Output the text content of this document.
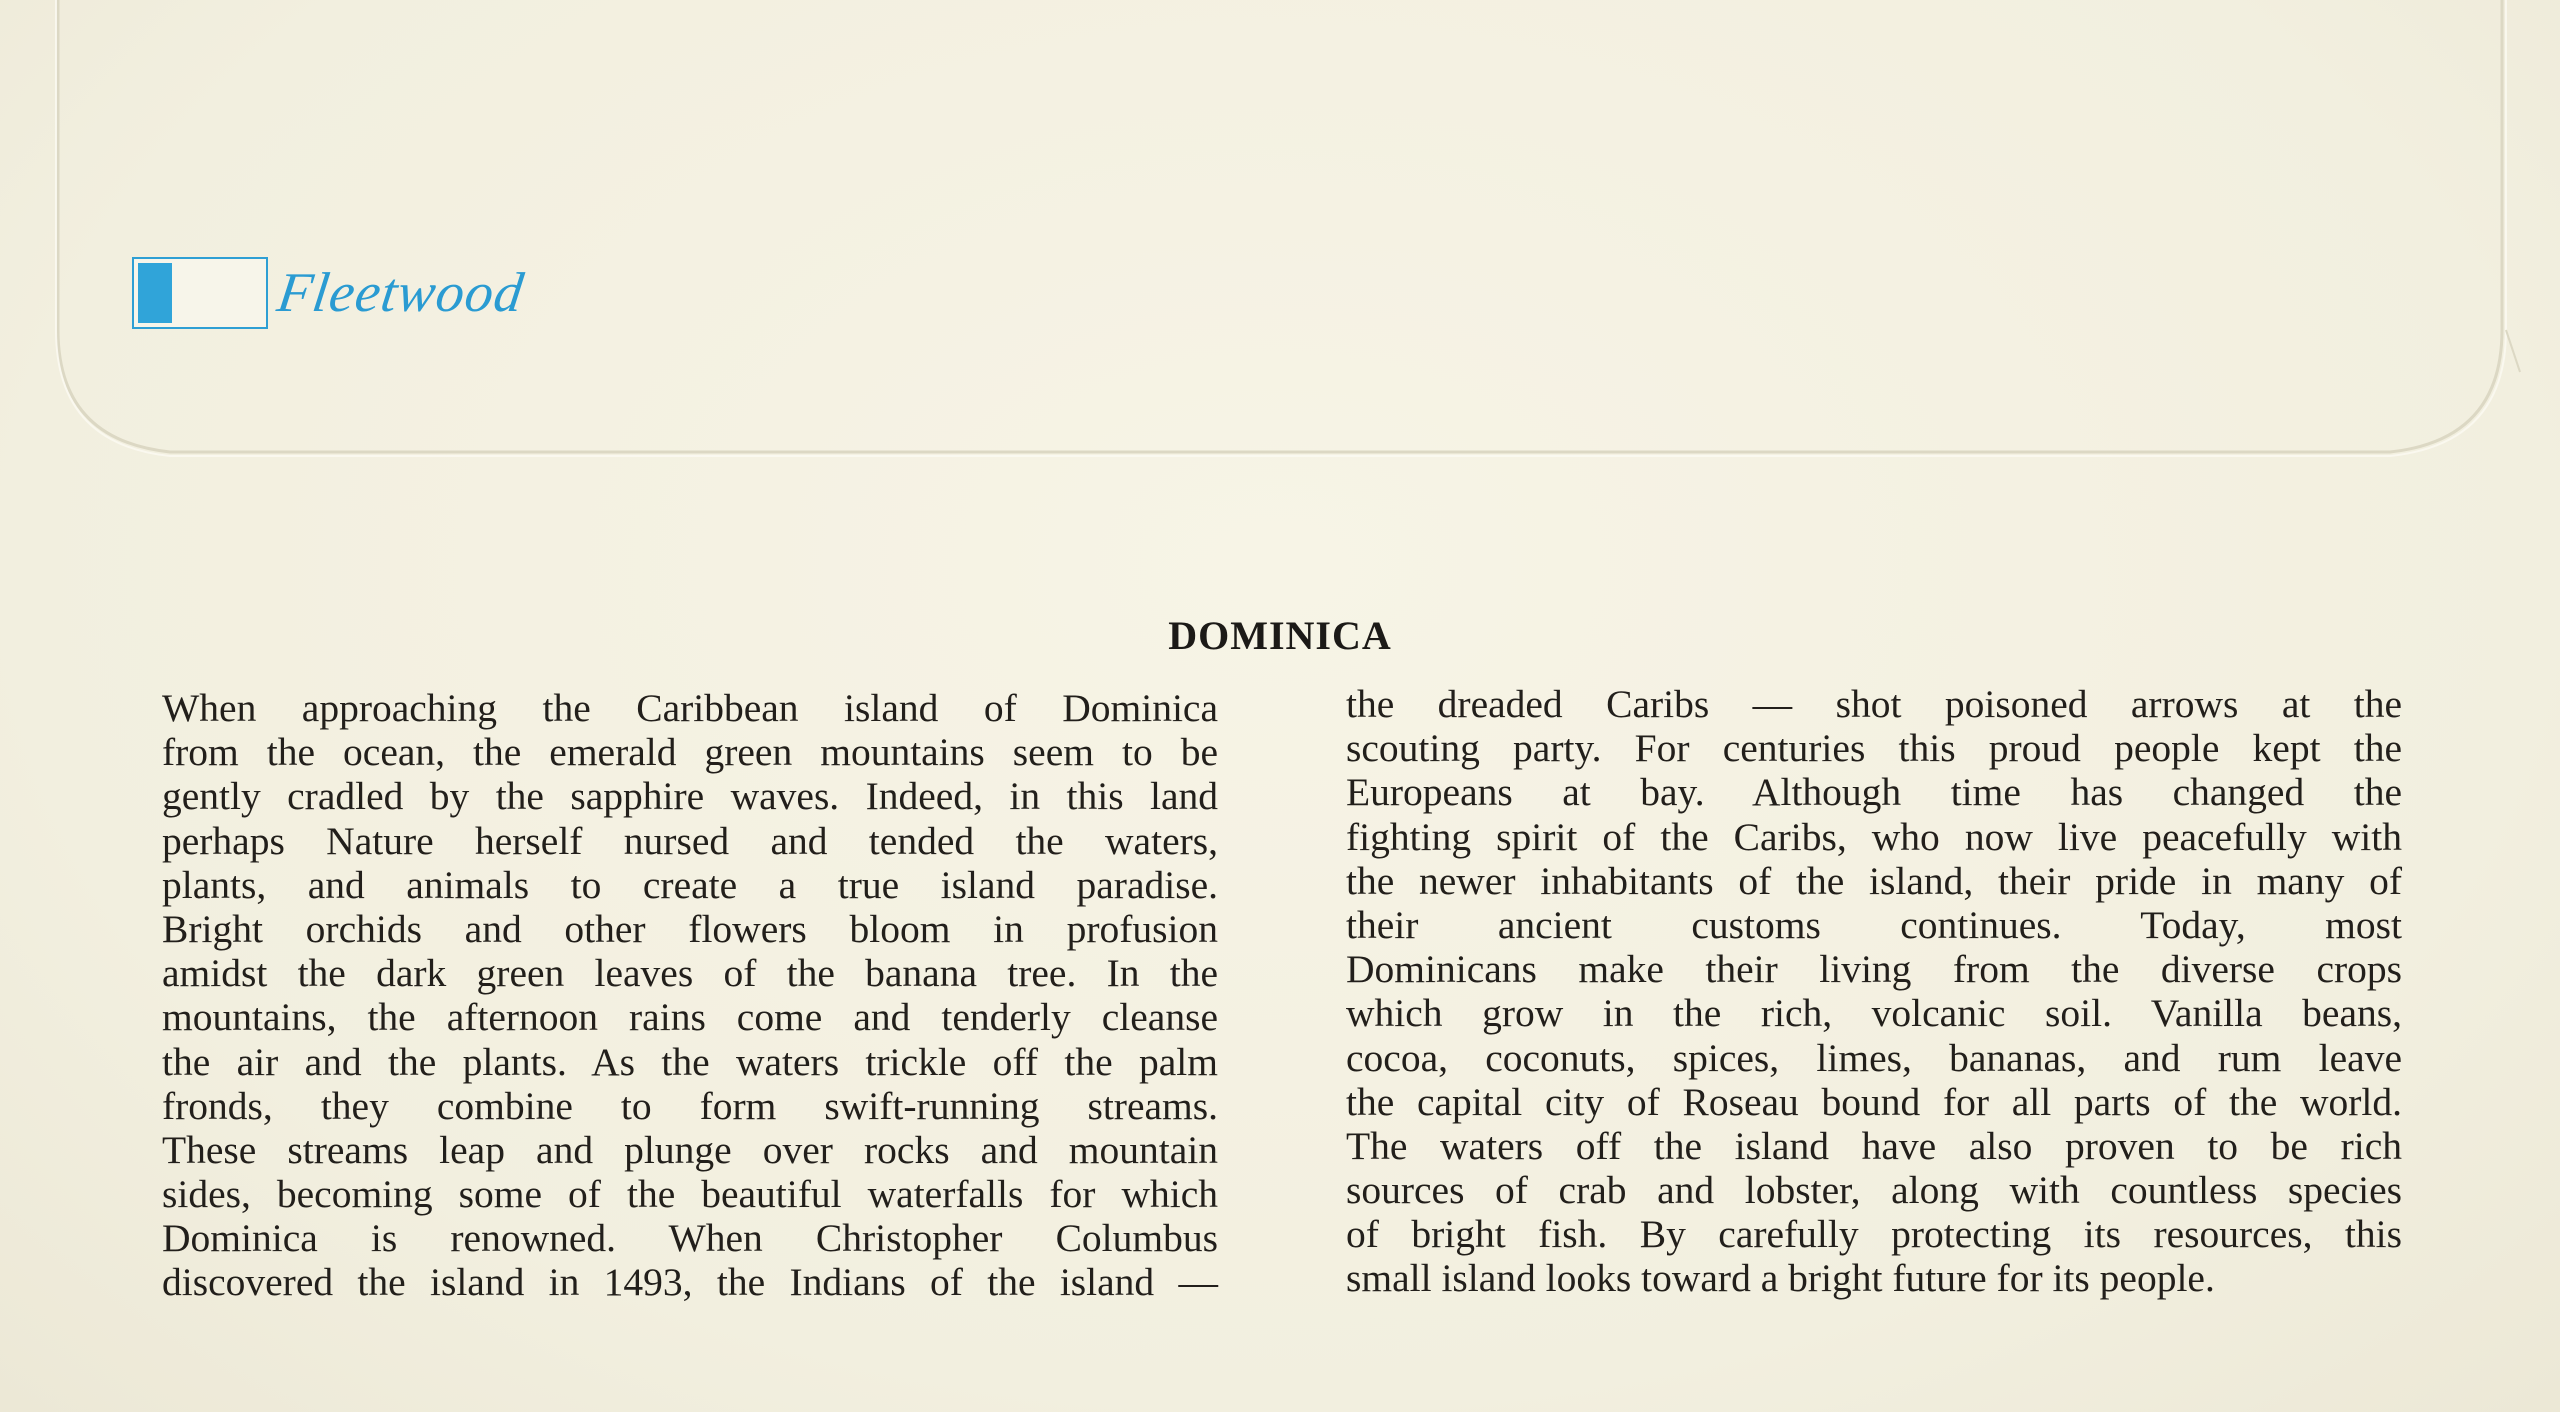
Fleetwood
DOMINICA
When approaching the Caribbean island of Dominica
from the ocean, the emerald green mountains seem to be
gently cradled by the sapphire waves. Indeed, in this land
perhaps Nature herself nursed and tended the waters,
plants, and animals to create a true island paradise.
Bright orchids and other flowers bloom in profusion
amidst the dark green leaves of the banana tree. In the
mountains, the afternoon rains come and tenderly cleanse
the air and the plants. As the waters trickle off the palm
fronds, they combine to form swift-running streams.
These streams leap and plunge over rocks and mountain
sides, becoming some of the beautiful waterfalls for which
Dominica is renowned. When Christopher Columbus
discovered the island in 1493, the Indians of the island —
the dreaded Caribs — shot poisoned arrows at the
scouting party. For centuries this proud people kept the
Europeans at bay. Although time has changed the
fighting spirit of the Caribs, who now live peacefully with
the newer inhabitants of the island, their pride in many of
their ancient customs continues. Today, most
Dominicans make their living from the diverse crops
which grow in the rich, volcanic soil. Vanilla beans,
cocoa, coconuts, spices, limes, bananas, and rum leave
the capital city of Roseau bound for all parts of the world.
The waters off the island have also proven to be rich
sources of crab and lobster, along with countless species
of bright fish. By carefully protecting its resources, this
small island looks toward a bright future for its people.
